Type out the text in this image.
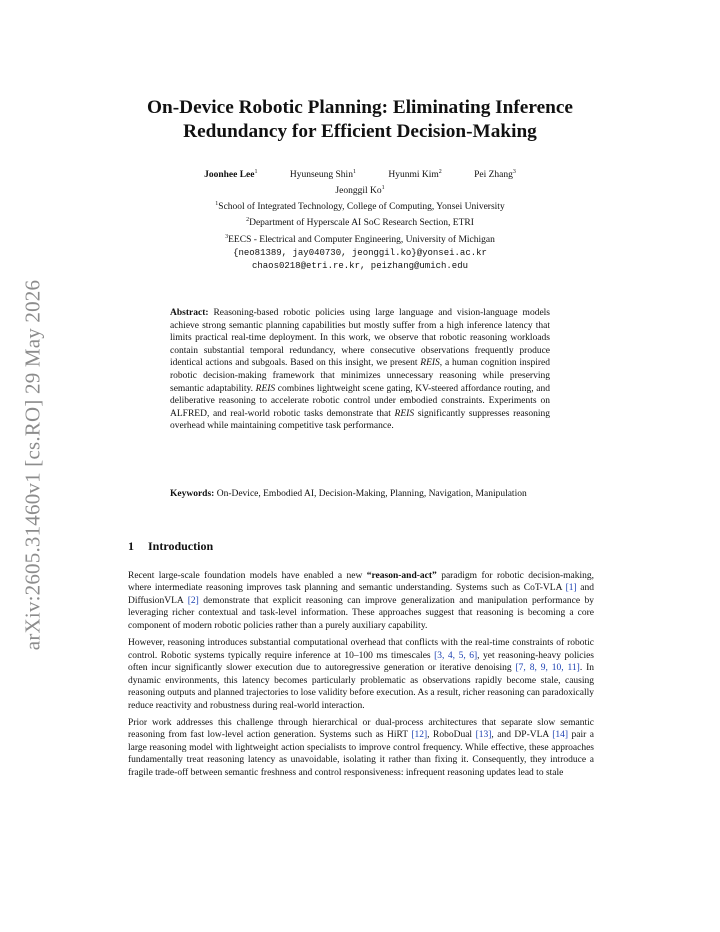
arXiv:2605.31460v1 [cs.RO] 29 May 2026
On-Device Robotic Planning: Eliminating Inference
Redundancy for Efficient Decision-Making
Joonhee Lee$^1$	Hyunseung Shin$^1$	Hyunmi Kim$^2$	Pei Zhang$^3$
Jeonggil Ko$^1$
$^1$School of Integrated Technology, College of Computing, Yonsei University
$^2$Department of Hyperscale AI SoC Research Section, ETRI
$^3$EECS - Electrical and Computer Engineering, University of Michigan
{neo81389, jay040730, jeonggil.ko}@yonsei.ac.kr
chaos0218@etri.re.kr, peizhang@umich.edu
Abstract: Reasoning-based robotic policies using large language and vision-language models achieve strong semantic planning capabilities but mostly suffer from a high inference latency that limits practical real-time deployment. In this work, we observe that robotic reasoning workloads contain substantial temporal redundancy, where consecutive observations frequently produce identical actions and subgoals. Based on this insight, we present REIS, a human cognition inspired robotic decision-making framework that minimizes unnecessary reasoning while preserving semantic adaptability. REIS combines lightweight scene gating, KV-steered affordance routing, and deliberative reasoning to accelerate robotic control under embodied constraints. Experiments on ALFRED, and real-world robotic tasks demonstrate that REIS significantly suppresses reasoning overhead while maintaining competitive task performance.
Keywords: On-Device, Embodied AI, Decision-Making, Planning, Navigation, Manipulation
1 Introduction

Recent large-scale foundation models have enabled a new “reason-and-act” paradigm for robotic decision-making, where intermediate reasoning improves task planning and semantic understanding. Systems such as CoT-VLA [1] and DiffusionVLA [2] demonstrate that explicit reasoning can improve generalization and manipulation performance by leveraging richer contextual and task-level information. These approaches suggest that reasoning is becoming a core component of modern robotic policies rather than a purely auxiliary capability.

However, reasoning introduces substantial computational overhead that conflicts with the real-time constraints of robotic control. Robotic systems typically require inference at 10–100 ms timescales [3, 4, 5, 6], yet reasoning-heavy policies often incur significantly slower execution due to autoregressive generation or iterative denoising [7, 8, 9, 10, 11]. In dynamic environments, this latency becomes particularly problematic as observations rapidly become stale, causing reasoning outputs and planned trajectories to lose validity before execution. As a result, richer reasoning can paradoxically reduce reactivity and robustness during real-world interaction.

Prior work addresses this challenge through hierarchical or dual-process architectures that separate slow semantic reasoning from fast low-level action generation. Systems such as HiRT [12], RoboDual [13], and DP-VLA [14] pair a large reasoning model with lightweight action specialists to improve control frequency. While effective, these approaches fundamentally treat reasoning latency as unavoidable, isolating it rather than fixing it. Consequently, they introduce a fragile trade-off between semantic freshness and control responsiveness: infrequent reasoning updates lead to stale
